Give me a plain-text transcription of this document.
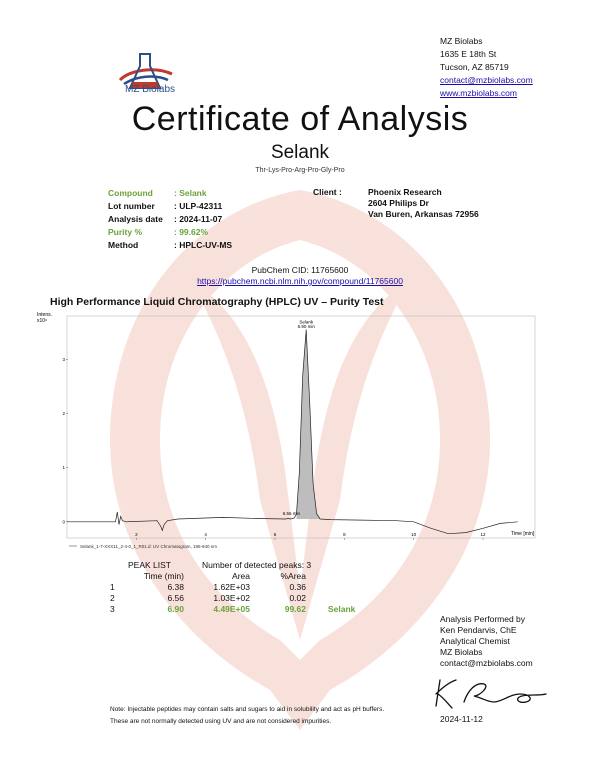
MZ Biolabs
MZ Biolabs
1635 E 18th St
Tucson, AZ 85719
contact@mzbiolabs.com
www.mzbiolabs.com
Certificate of Analysis
Selank
Thr-Lys-Pro-Arg-Pro-Gly-Pro
Compound	: Selank
Lot number	: ULP-42311
Analysis date	: 2024-11-07
Purity %	: 99.62%
Method	: HPLC-UV-MS
Client :	Phoenix Research
2604 Philips Dr
Van Buren, Arkansas 72956
PubChem CID: 11765600
https://pubchem.ncbi.nlm.nih.gov/compound/11765600
High Performance Liquid Chromatography (HPLC) UV – Purity Test
Intens.
x10⁶
Time [min]
2	4	6	8	10	12
0
1
2
3
Selank
6.90 min
6.56 min
Selank_1-7-XXX11_2-4-0_1_R01.d: UV Chromatogram, 195-940 nm
	PEAK LIST	Number of detected peaks: 3		
	Time (min)	Area	%Area	
1	6.38	1.62E+03	0.36	
2	6.56	1.03E+02	0.02	
3	6.90	4.49E+05	99.62	Selank
Analysis Performed by
Ken Pendarvis, ChE
Analytical Chemist
MZ Biolabs
contact@mzbiolabs.com
2024-11-12
Note: Injectable peptides may contain salts and sugars to aid in solubility and act as pH buffers.
These are not normally detected using UV and are not considered impurities.
